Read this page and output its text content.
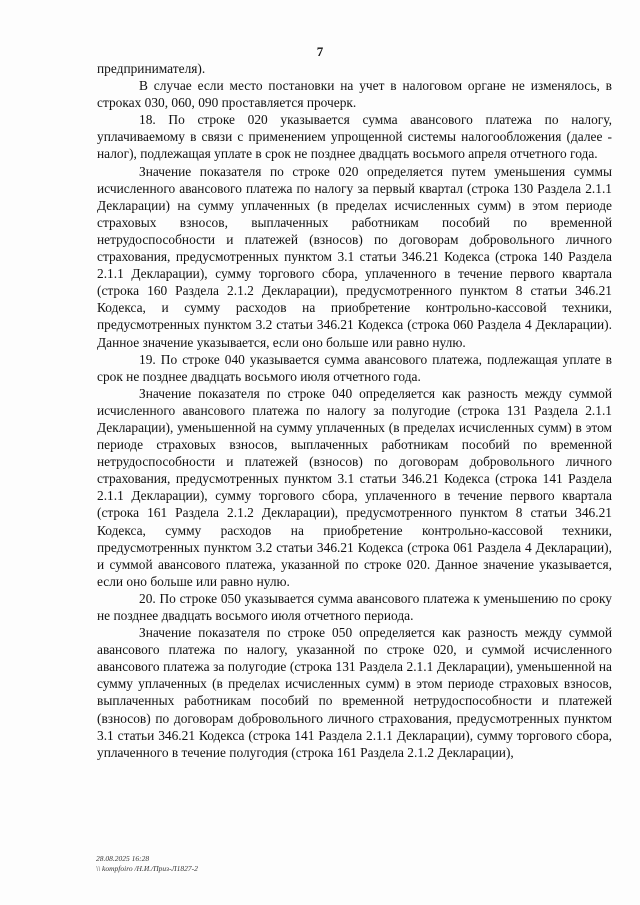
7

предпринимателя).

В случае если место постановки на учет в налоговом органе не изменялось, в строках 030, 060, 090 проставляется прочерк.

18. По строке 020 указывается сумма авансового платежа по налогу, уплачиваемому в связи с применением упрощенной системы налогообложения (далее - налог), подлежащая уплате в срок не позднее двадцать восьмого апреля отчетного года.

Значение показателя по строке 020 определяется путем уменьшения суммы исчисленного авансового платежа по налогу за первый квартал (строка 130 Раздела 2.1.1 Декларации) на сумму уплаченных (в пределах исчисленных сумм) в этом периоде страховых взносов, выплаченных работникам пособий по временной нетрудоспособности и платежей (взносов) по договорам добровольного личного страхования, предусмотренных пунктом 3.1 статьи 346.21 Кодекса (строка 140 Раздела 2.1.1 Декларации), сумму торгового сбора, уплаченного в течение первого квартала (строка 160 Раздела 2.1.2 Декларации), предусмотренного пунктом 8 статьи 346.21 Кодекса, и сумму расходов на приобретение контрольно-кассовой техники, предусмотренных пунктом 3.2 статьи 346.21 Кодекса (строка 060 Раздела 4 Декларации). Данное значение указывается, если оно больше или равно нулю.

19. По строке 040 указывается сумма авансового платежа, подлежащая уплате в срок не позднее двадцать восьмого июля отчетного года.

Значение показателя по строке 040 определяется как разность между суммой исчисленного авансового платежа по налогу за полугодие (строка 131 Раздела 2.1.1 Декларации), уменьшенной на сумму уплаченных (в пределах исчисленных сумм) в этом периоде страховых взносов, выплаченных работникам пособий по временной нетрудоспособности и платежей (взносов) по договорам добровольного личного страхования, предусмотренных пунктом 3.1 статьи 346.21 Кодекса (строка 141 Раздела 2.1.1 Декларации), сумму торгового сбора, уплаченного в течение первого квартала (строка 161 Раздела 2.1.2 Декларации), предусмотренного пунктом 8 статьи 346.21 Кодекса, сумму расходов на приобретение контрольно-кассовой техники, предусмотренных пунктом 3.2 статьи 346.21 Кодекса (строка 061 Раздела 4 Декларации), и суммой авансового платежа, указанной по строке 020. Данное значение указывается, если оно больше или равно нулю.

20. По строке 050 указывается сумма авансового платежа к уменьшению по сроку не позднее двадцать восьмого июля отчетного периода.

Значение показателя по строке 050 определяется как разность между суммой авансового платежа по налогу, указанной по строке 020, и суммой исчисленного авансового платежа за полугодие (строка 131 Раздела 2.1.1 Декларации), уменьшенной на сумму уплаченных (в пределах исчисленных сумм) в этом периоде страховых взносов, выплаченных работникам пособий по временной нетрудоспособности и платежей (взносов) по договорам добровольного личного страхования, предусмотренных пунктом 3.1 статьи 346.21 Кодекса (строка 141 Раздела 2.1.1 Декларации), сумму торгового сбора, уплаченного в течение полугодия (строка 161 Раздела 2.1.2 Декларации),

28.08.2025 16:28
\\ kompfoiro /Н.И./Приз-Л1827-2
